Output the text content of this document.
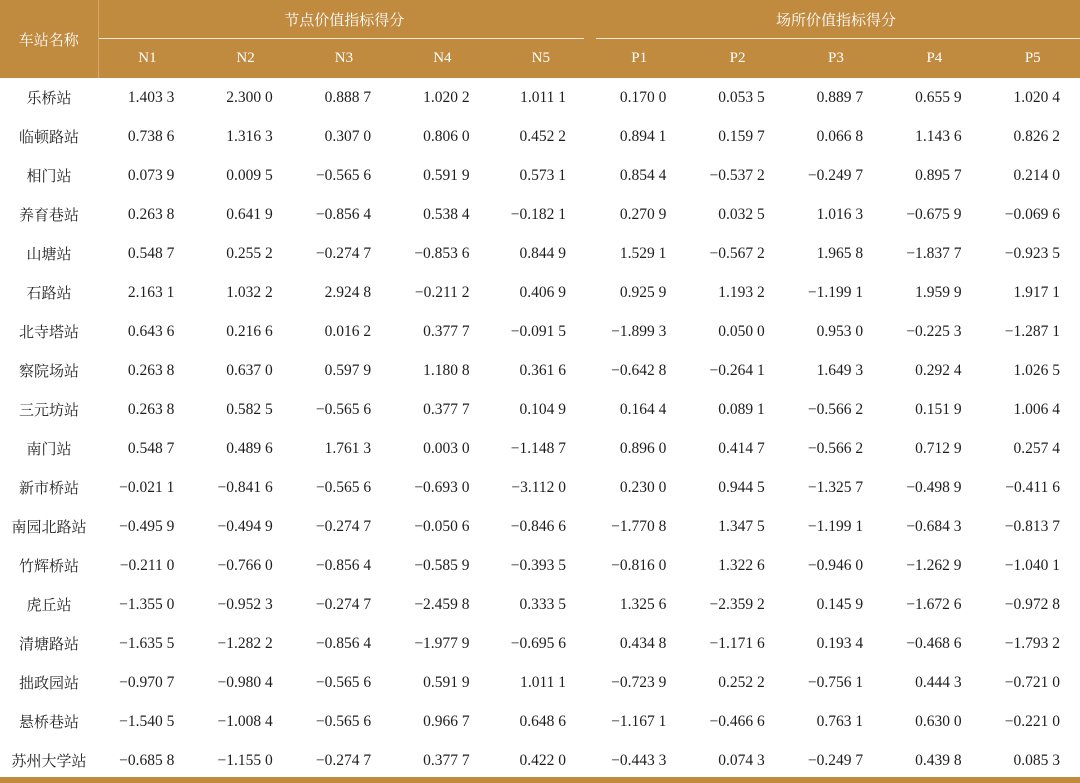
车站名称	节点价值指标得分					场所价值指标得分				

	N1	N2	N3	N4	N5	P1	P2	P3	P4	P5
乐桥站	1.403 3	2.300 0	0.888 7	1.020 2	1.011 1	0.170 0	0.053 5	0.889 7	0.655 9	1.020 4
临顿路站	0.738 6	1.316 3	0.307 0	0.806 0	0.452 2	0.894 1	0.159 7	0.066 8	1.143 6	0.826 2
相门站	0.073 9	0.009 5	−0.565 6	0.591 9	0.573 1	0.854 4	−0.537 2	−0.249 7	0.895 7	0.214 0
养育巷站	0.263 8	0.641 9	−0.856 4	0.538 4	−0.182 1	0.270 9	0.032 5	1.016 3	−0.675 9	−0.069 6
山塘站	0.548 7	0.255 2	−0.274 7	−0.853 6	0.844 9	1.529 1	−0.567 2	1.965 8	−1.837 7	−0.923 5
石路站	2.163 1	1.032 2	2.924 8	−0.211 2	0.406 9	0.925 9	1.193 2	−1.199 1	1.959 9	1.917 1
北寺塔站	0.643 6	0.216 6	0.016 2	0.377 7	−0.091 5	−1.899 3	0.050 0	0.953 0	−0.225 3	−1.287 1
察院场站	0.263 8	0.637 0	0.597 9	1.180 8	0.361 6	−0.642 8	−0.264 1	1.649 3	0.292 4	1.026 5
三元坊站	0.263 8	0.582 5	−0.565 6	0.377 7	0.104 9	0.164 4	0.089 1	−0.566 2	0.151 9	1.006 4
南门站	0.548 7	0.489 6	1.761 3	0.003 0	−1.148 7	0.896 0	0.414 7	−0.566 2	0.712 9	0.257 4
新市桥站	−0.021 1	−0.841 6	−0.565 6	−0.693 0	−3.112 0	0.230 0	0.944 5	−1.325 7	−0.498 9	−0.411 6
南园北路站	−0.495 9	−0.494 9	−0.274 7	−0.050 6	−0.846 6	−1.770 8	1.347 5	−1.199 1	−0.684 3	−0.813 7
竹辉桥站	−0.211 0	−0.766 0	−0.856 4	−0.585 9	−0.393 5	−0.816 0	1.322 6	−0.946 0	−1.262 9	−1.040 1
虎丘站	−1.355 0	−0.952 3	−0.274 7	−2.459 8	0.333 5	1.325 6	−2.359 2	0.145 9	−1.672 6	−0.972 8
清塘路站	−1.635 5	−1.282 2	−0.856 4	−1.977 9	−0.695 6	0.434 8	−1.171 6	0.193 4	−0.468 6	−1.793 2
拙政园站	−0.970 7	−0.980 4	−0.565 6	0.591 9	1.011 1	−0.723 9	0.252 2	−0.756 1	0.444 3	−0.721 0
悬桥巷站	−1.540 5	−1.008 4	−0.565 6	0.966 7	0.648 6	−1.167 1	−0.466 6	0.763 1	0.630 0	−0.221 0
苏州大学站	−0.685 8	−1.155 0	−0.274 7	0.377 7	0.422 0	−0.443 3	0.074 3	−0.249 7	0.439 8	0.085 3
